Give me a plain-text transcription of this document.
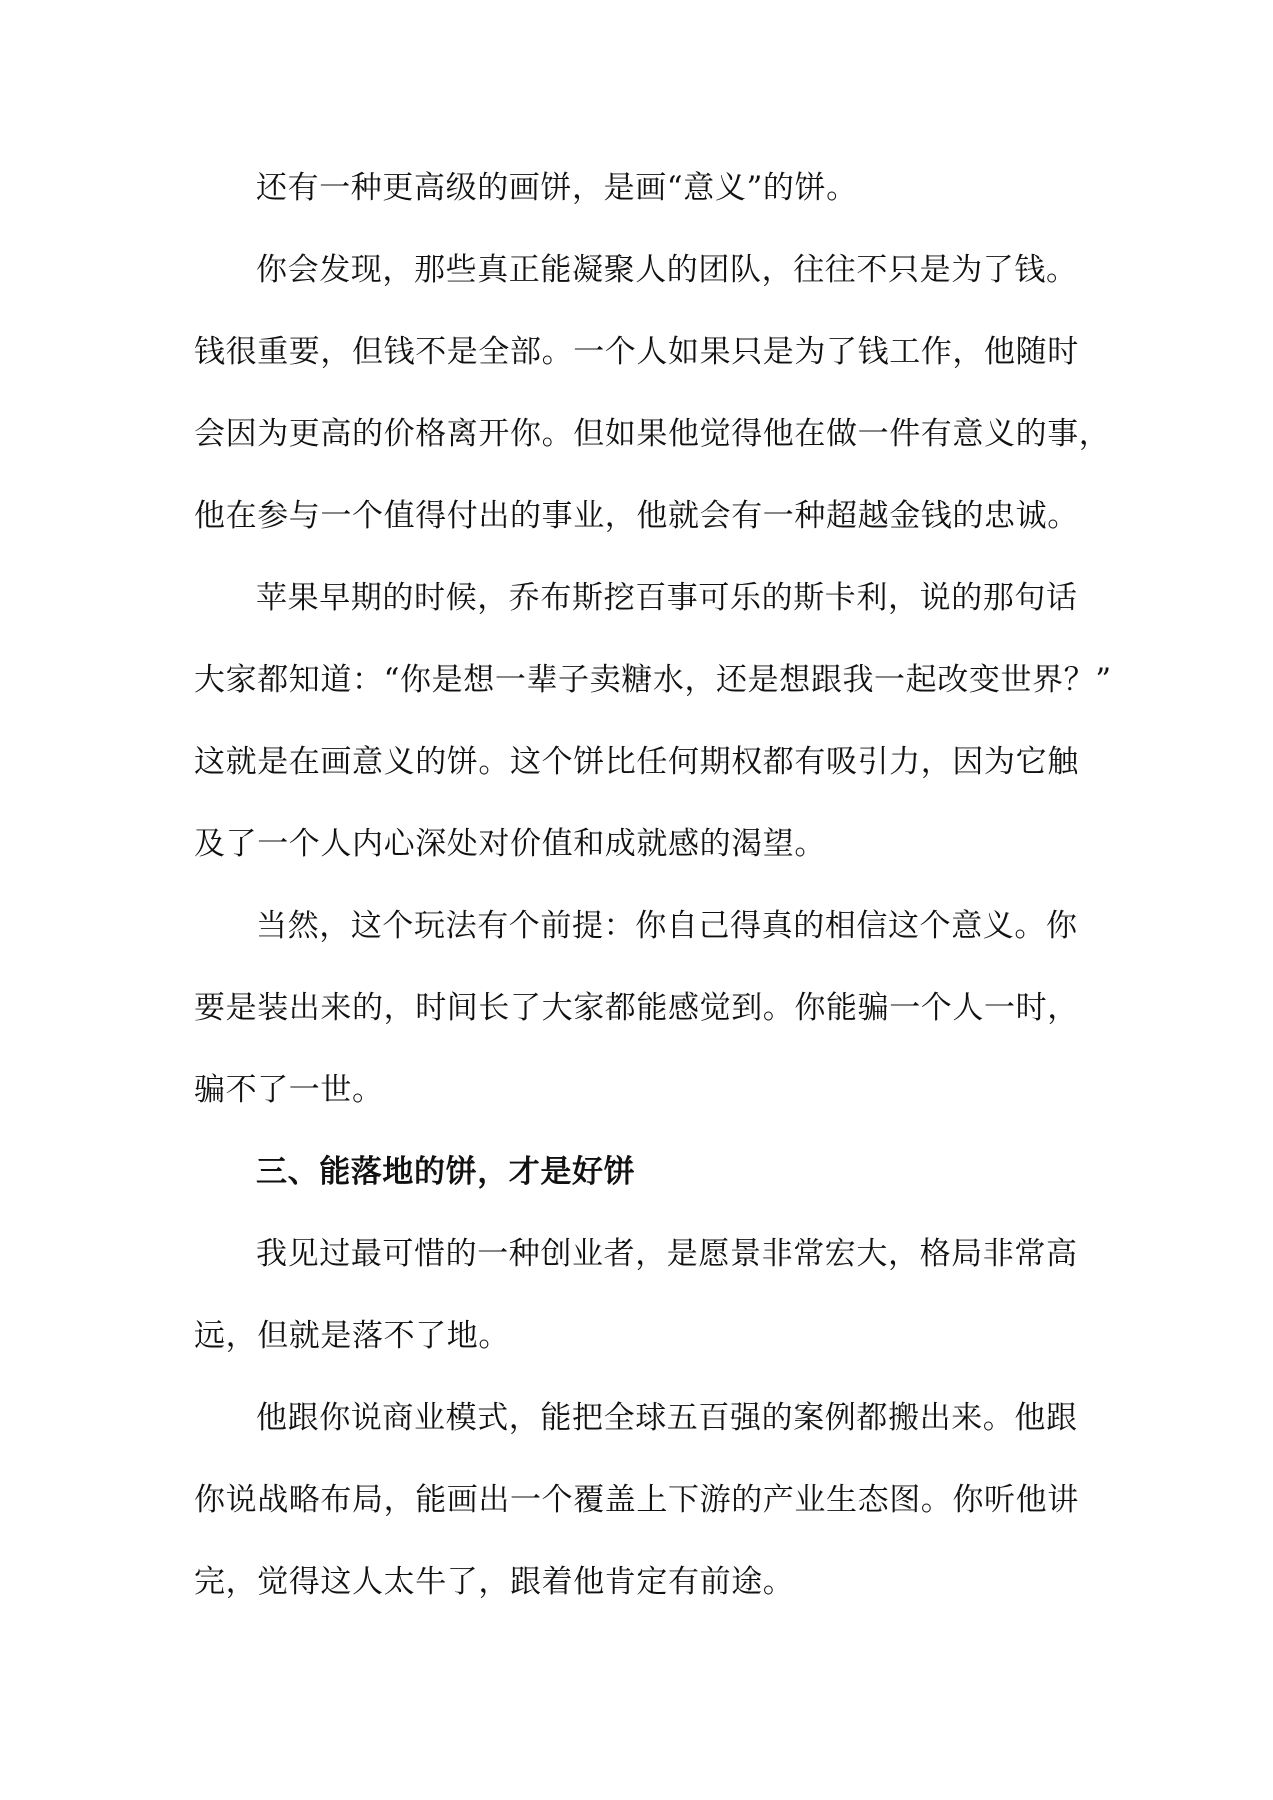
还有一种更高级的画饼，是画“意义”的饼。
你会发现，那些真正能凝聚人的团队，往往不只是为了钱。
钱很重要，但钱不是全部。一个人如果只是为了钱工作，他随时
会因为更高的价格离开你。但如果他觉得他在做一件有意义的事，
他在参与一个值得付出的事业，他就会有一种超越金钱的忠诚。
苹果早期的时候，乔布斯挖百事可乐的斯卡利，说的那句话
大家都知道：“你是想一辈子卖糖水，还是想跟我一起改变世界？”
这就是在画意义的饼。这个饼比任何期权都有吸引力，因为它触
及了一个人内心深处对价值和成就感的渴望。
当然，这个玩法有个前提：你自己得真的相信这个意义。你
要是装出来的，时间长了大家都能感觉到。你能骗一个人一时，
骗不了一世。
三、能落地的饼，才是好饼
我见过最可惜的一种创业者，是愿景非常宏大，格局非常高
远，但就是落不了地。
他跟你说商业模式，能把全球五百强的案例都搬出来。他跟
你说战略布局，能画出一个覆盖上下游的产业生态图。你听他讲
完，觉得这人太牛了，跟着他肯定有前途。
